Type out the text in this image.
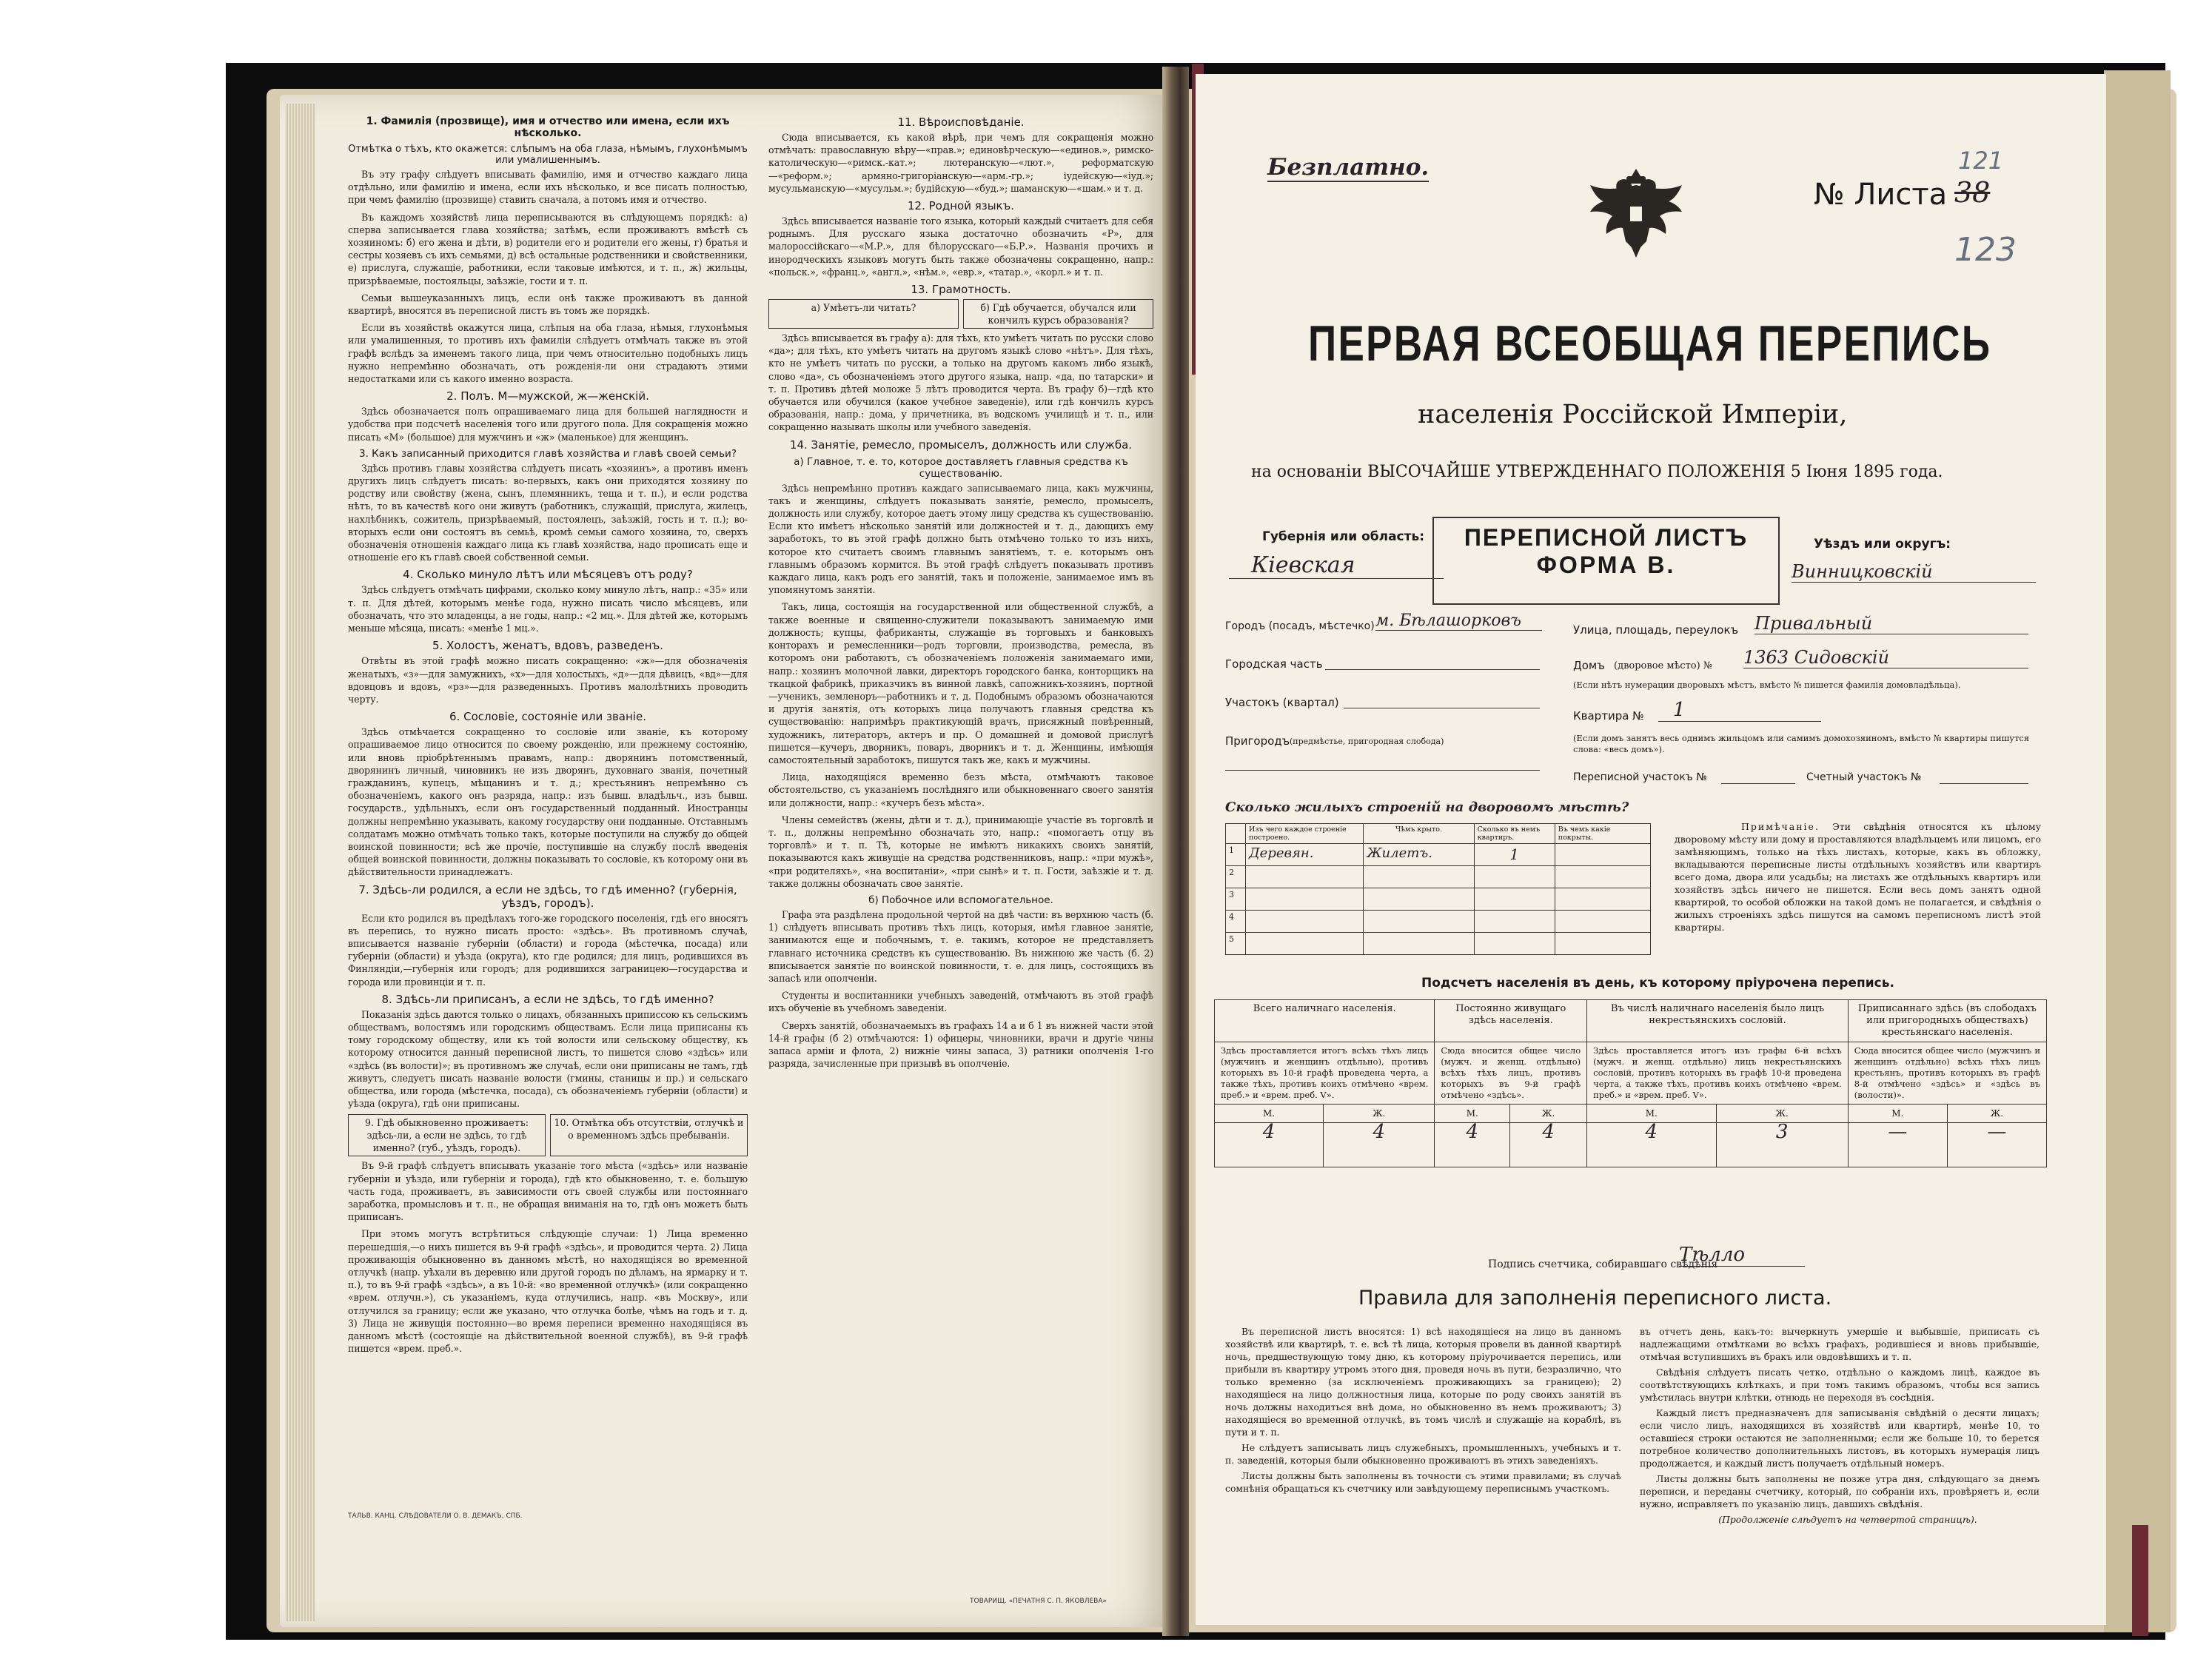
1. Фамилія (прозвище), имя и отчество или имена, если ихъ нѣсколько.
Отмѣтка о тѣхъ, кто окажется: слѣпымъ на оба глаза, нѣмымъ, глухонѣмымъ или умалишеннымъ.

Въ эту графу слѣдуетъ вписывать фамилію, имя и отчество каждаго лица отдѣльно, или фамилію и имена, если ихъ нѣсколько, и все писать полностью, при чемъ фамилію (прозвище) ставить сначала, а потомъ имя и отчество.

Въ каждомъ хозяйствѣ лица переписываются въ слѣдующемъ порядкѣ: а) сперва записывается глава хозяйства; затѣмъ, если проживаютъ вмѣстѣ съ хозяиномъ: б) его жена и дѣти, в) родители его и родители его жены, г) братья и сестры хозяевъ съ ихъ семьями, д) всѣ остальные родственники и свойственники, е) прислуга, служащіе, работники, если таковые имѣются, и т. п., ж) жильцы, призрѣваемые, постояльцы, заѣзжіе, гости и т. п.

Семьи вышеуказанныхъ лицъ, если онѣ также проживаютъ въ данной квартирѣ, вносятся въ переписной листъ въ томъ же порядкѣ.

Если въ хозяйствѣ окажутся лица, слѣпыя на оба глаза, нѣмыя, глухонѣмыя или умалишенныя, то противъ ихъ фамиліи слѣдуетъ отмѣчать также въ этой графѣ вслѣдъ за именемъ такого лица, при чемъ относительно подобныхъ лицъ нужно непремѣнно обозначать, отъ рожденія-ли они страдаютъ этими недостатками или съ какого именно возраста.

2. Полъ. М—мужской, ж—женскій.

Здѣсь обозначается полъ опрашиваемаго лица для большей наглядности и удобства при подсчетѣ населенія того или другого пола. Для сокращенія можно писать «М» (большое) для мужчинъ и «ж» (маленькое) для женщинъ.

3. Какъ записанный приходится главѣ хозяйства и главѣ своей семьи?

Здѣсь противъ главы хозяйства слѣдуетъ писать «хозяинъ», а противъ именъ другихъ лицъ слѣдуетъ писать: во-первыхъ, какъ они приходятся хозяину по родству или свойству (жена, сынъ, племянникъ, теща и т. п.), и если родства нѣтъ, то въ качествѣ кого они живутъ (работникъ, служащій, прислуга, жилецъ, нахлѣбникъ, сожитель, призрѣваемый, постоялецъ, заѣзжій, гость и т. п.); во-вторыхъ если они состоятъ въ семьѣ, кромѣ семьи самого хозяина, то, сверхъ обозначенія отношенія каждаго лица къ главѣ хозяйства, надо прописать еще и отношеніе его къ главѣ своей собственной семьи.

4. Сколько минуло лѣтъ или мѣсяцевъ отъ роду?

Здѣсь слѣдуетъ отмѣчать цифрами, сколько кому минуло лѣтъ, напр.: «35» или т. п. Для дѣтей, которымъ менѣе года, нужно писать число мѣсяцевъ, или обозначать, что это младенцы, а не годы, напр.: «2 мц.». Для дѣтей же, которымъ меньше мѣсяца, писать: «менѣе 1 мц.».

5. Холостъ, женатъ, вдовъ, разведенъ.

Отвѣты въ этой графѣ можно писать сокращенно: «ж»—для обозначенія женатыхъ, «з»—для замужнихъ, «х»—для холостыхъ, «д»—для дѣвицъ, «вд»—для вдовцовъ и вдовъ, «рз»—для разведенныхъ. Противъ малолѣтнихъ проводить черту.

6. Сословіе, состояніе или званіе.

Здѣсь отмѣчается сокращенно то сословіе или званіе, къ которому опрашиваемое лицо относится по своему рожденію, или прежнему состоянію, или вновь пріобрѣтеннымъ правамъ, напр.: дворянинъ потомственный, дворянинъ личный, чиновникъ не изъ дворянъ, духовнаго званія, почетный гражданинъ, купецъ, мѣщанинъ и т. д.; крестьянинъ непремѣнно съ обозначеніемъ, какого онъ разряда, напр.: изъ бывш. владѣльч., изъ бывш. государств., удѣльныхъ, если онъ государственный подданный. Иностранцы должны непремѣнно указывать, какому государству они подданные. Отставнымъ солдатамъ можно отмѣчать только такъ, которые поступили на службу до общей воинской повинности; всѣ же прочіе, поступившіе на службу послѣ введенія общей воинской повинности, должны показывать то сословіе, къ которому они въ дѣйствительности принадлежатъ.

7. Здѣсь-ли родился, а если не здѣсь, то гдѣ именно? (губернія, уѣздъ, городъ).

Если кто родился въ предѣлахъ того-же городского поселенія, гдѣ его вносятъ въ перепись, то нужно писать просто: «здѣсь». Въ противномъ случаѣ, вписывается названіе губерніи (области) и города (мѣстечка, посада) или губерніи (области) и уѣзда (округа), кто где родился; для лицъ, родившихся въ Финляндіи,—губернія или городъ; для родившихся заграницею—государства и города или провинціи и т. п.

8. Здѣсь-ли приписанъ, а если не здѣсь, то гдѣ именно?

Показанія здѣсь даются только о лицахъ, обязанныхъ приписсою къ сельскимъ обществамъ, волостямъ или городскимъ обществамъ. Если лица приписаны къ тому городскому обществу, или къ той волости или сельскому обществу, къ которому относится данный переписной листъ, то пишется слово «здѣсь» или «здѣсь (въ волости)»; въ противномъ же случаѣ, если они приписаны не тамъ, гдѣ живутъ, следуетъ писать названіе волости (гмины, станицы и пр.) и сельскаго общества, или города (мѣстечка, посада), съ обозначеніемъ губерніи (области) и уѣзда (округа), гдѣ они приписаны.

9. Гдѣ обыкновенно проживаетъ: здѣсь-ли, а если не здѣсь, то гдѣ именно? (губ., уѣздъ, городъ).
10. Отмѣтка объ отсутствіи, отлучкѣ и о временномъ здѣсь пребываніи.

Въ 9-й графѣ слѣдуетъ вписывать указаніе того мѣста («здѣсь» или названіе губерніи и уѣзда, или губерніи и города), гдѣ кто обыкновенно, т. е. большую часть года, проживаетъ, въ зависимости отъ своей службы или постояннаго заработка, промысловъ и т. п., не обращая вниманія на то, гдѣ онъ можетъ быть приписанъ.

При этомъ могутъ встрѣтиться слѣдующіе случаи: 1) Лица временно перешедшія,—о нихъ пишется въ 9-й графѣ «здѣсь», и проводится черта. 2) Лица проживающія обыкновенно въ данномъ мѣстѣ, но находящіяся во временной отлучкѣ (напр. уѣхали въ деревню или другой городъ по дѣламъ, на ярмарку и т. п.), то въ 9-й графѣ «здѣсь», а въ 10-й: «во временной отлучкѣ» (или сокращенно «врем. отлучн.»), съ указаніемъ, куда отлучились, напр. «въ Москву», или отлучился за границу; если же указано, что отлучка болѣе, чѣмъ на годъ и т. д. 3) Лица не живущія постоянно—во время переписи временно находящіяся въ данномъ мѣстѣ (состоящіе на дѣйствительной военной службѣ), въ 9-й графѣ пишется «врем. преб.».

ТАЛЬВ. КАНЦ. СЛѢДОВАТЕЛИ О. В. ДЕМАКЪ, СПБ.
11. Вѣроисповѣданіе.

Сюда вписывается, къ какой вѣрѣ, при чемъ для сокращенія можно отмѣчать: православную вѣру—«прав.»; единовѣрческую—«единов.», римско-католическую—«римск.-кат.»; лютеранскую—«лют.», реформатскую—«реформ.»; армяно-григоріанскую—«арм.-гр.»; іудейскую—«іуд.»; мусульманскую—«мусульм.»; будійскую—«буд.»; шаманскую—«шам.» и т. д.

12. Родной языкъ.

Здѣсь вписывается названіе того языка, который каждый считаетъ для себя роднымъ. Для русскаго языка достаточно обозначить «Р», для малороссійскаго—«М.Р.», для бѣлорусскаго—«Б.Р.». Названія прочихъ и инородческихъ языковъ могутъ быть также обозначены сокращенно, напр.: «польск.», «франц.», «англ.», «нѣм.», «евр.», «татар.», «корл.» и т. п.

13. Грамотность.
а) Умѣетъ-ли читать?	б) Гдѣ обучается, обучался или кончилъ курсъ образованія?

Здѣсь вписывается въ графу а): для тѣхъ, кто умѣетъ читать по русски слово «да»; для тѣхъ, кто умѣетъ читать на другомъ языкѣ слово «нѣтъ». Для тѣхъ, кто не умѣетъ читать по русски, а только на другомъ какомъ либо языкѣ, слово «да», съ обозначеніемъ этого другого языка, напр. «да, по татарски» и т. п. Противъ дѣтей моложе 5 лѣтъ проводится черта. Въ графу б)—гдѣ кто обучается или обучился (какое учебное заведеніе), или гдѣ кончилъ курсъ образованія, напр.: дома, у причетника, въ водскомъ училищѣ и т. п., или сокращенно называть школы или учебного заведенія.

14. Занятіе, ремесло, промыселъ, должность или служба.
а) Главное, т. е. то, которое доставляетъ главныя средства къ существованію.

Здѣсь непремѣнно противъ каждаго записываемаго лица, какъ мужчины, такъ и женщины, слѣдуетъ показывать занятіе, ремесло, промыселъ, должность или службу, которое даетъ этому лицу средства къ существованію. Если кто имѣетъ нѣсколько занятій или должностей и т. д., дающихъ ему заработокъ, то въ этой графѣ должно быть отмѣчено только то изъ нихъ, которое кто считаетъ своимъ главнымъ занятіемъ, т. е. которымъ онъ главнымъ образомъ кормится. Въ этой графѣ слѣдуетъ показывать противъ каждаго лица, какъ родъ его занятій, такъ и положеніе, занимаемое имъ въ упомянутомъ занятіи.

Такъ, лица, состоящія на государственной или общественной службѣ, а также военные и священно-служители показываютъ занимаемую ими должность; купцы, фабриканты, служащіе въ торговыхъ и банковыхъ конторахъ и ремесленники—родъ торговли, производства, ремесла, въ которомъ они работаютъ, съ обозначеніемъ положенія занимаемаго ими, напр.: хозяинъ молочной лавки, директоръ городского банка, конторщикъ на ткацкой фабрикѣ, приказчикъ въ винной лавкѣ, сапожникъ-хозяинъ, портной—ученикъ, земленоръ—работникъ и т. д. Подобнымъ образомъ обозначаются и другія занятія, отъ которыхъ лица получаютъ главныя средства къ существованію: напримѣръ практикующій врачъ, присяжный повѣренный, художникъ, литераторъ, актеръ и пр. О домашней и домовой прислугѣ пишется—кучеръ, дворникъ, поваръ, дворникъ и т. д. Женщины, имѣющія самостоятельный заработокъ, пишутся такъ же, какъ и мужчины.

Лица, находящіяся временно безъ мѣста, отмѣчаютъ таковое обстоятельство, съ указаніемъ послѣдняго или обыкновеннаго своего занятія или должности, напр.: «кучеръ безъ мѣста».

Члены семействъ (жены, дѣти и т. д.), принимающіе участіе въ торговлѣ и т. п., должны непремѣнно обозначать это, напр.: «помогаетъ отцу въ торговлѣ» и т. п. Тѣ, которые не имѣютъ никакихъ своихъ занятій, показываются какъ живущіе на средства родственниковъ, напр.: «при мужѣ», «при родителяхъ», «на воспитаніи», «при сынѣ» и т. п. Гости, заѣзжіе и т. д. также должны обозначать свое занятіе.

б) Побочное или вспомогательное.

Графа эта раздѣлена продольной чертой на двѣ части: въ верхнюю часть (б. 1) слѣдуетъ вписывать противъ тѣхъ лицъ, которыя, имѣя главное занятіе, занимаются еще и побочнымъ, т. е. такимъ, которое не представляетъ главнаго источника средствъ къ существованію. Въ нижнюю же часть (б. 2) вписывается занятіе по воинской повинности, т. е. для лицъ, состоящихъ въ запасѣ или ополченіи.

Студенты и воспитанники учебныхъ заведеній, отмѣчаютъ въ этой графѣ ихъ обученіе въ учебномъ заведеніи.

Сверхъ занятій, обозначаемыхъ въ графахъ 14 а и б 1 въ нижней части этой 14-й графы (б 2) отмѣчаются: 1) офицеры, чиновники, врачи и другіе чины запаса арміи и флота, 2) нижніе чины запаса, 3) ратники ополченія 1-го разряда, зачисленные при призывѣ въ ополченіе.

ТОВАРИЩ. «ПЕЧАТНЯ С. П. ЯКОВЛЕВА»
Безплатно.
№ Листа 38
121
123
ПЕРВАЯ ВСЕОБЩАЯ ПЕРЕПИСЬ
населенія Россійской Имперіи,
на основаніи ВЫСОЧАЙШЕ УТВЕРЖДЕННАГО ПОЛОЖЕНІЯ 5 Іюня 1895 года.
Губернія или область:
Кіевская
ПЕРЕПИСНОЙ ЛИСТЪ
ФОРМА В.
Уѣздъ или округъ:
Винницковскій
Городъ (посадъ, мѣстечко) м. Бѣлашорковъ
Городская часть
Участокъ (квартал)
Пригородъ (предмѣстье, пригородная слобода)
Улица, площадь, переулокъ Привальный
Домъ (дворовое мѣсто) № 1363 Сидовскій
(Если нѣтъ нумерации дворовыхъ мѣстъ, вмѣсто № пишется фамилія домовладѣльца).
Квартира №	1
(Если домъ занятъ весь однимъ жильцомъ или самимъ домохозяиномъ, вмѣсто № квартиры пишутся слова: «весь домъ»).
Переписной участокъ №	Счетный участокъ №
Сколько жилыхъ строеній на дворовомъ мѣстѣ?
	Изъ чего каждое строеніе построено.	Чѣмъ крыто.	Сколько въ немъ квартиръ.	Въ чемъ какіе покрыты.
1	Деревян.	Жилетъ.	1	
2				
3				
4				
5				

Примѣчаніе. Эти свѣдѣнія относятся къ цѣлому дворовому мѣсту или дому и проставляются владѣльцемъ или лицомъ, его замѣняющимъ, только на тѣхъ листахъ, которые, какъ въ обложку, вкладываются переписные листы отдѣльныхъ хозяйствъ или квартиръ всего дома, двора или усадьбы; на листахъ же отдѣльныхъ квартиръ или хозяйствъ здѣсь ничего не пишется. Если весь домъ занятъ одной квартирой, то особой обложки на такой домъ не полагается, и свѣдѣнія о жилыхъ строеніяхъ здѣсь пишутся на самомъ переписномъ листѣ этой квартиры.

Подсчетъ населенія въ день, къ которому пріурочена перепись.
Всего наличнаго населенія.		Постоянно живущаго здѣсь населенія.		Въ числѣ наличнаго населенія было лицъ некрестьянскихъ сословій.		Приписаннаго здѣсь (въ слободахъ или пригородныхъ обществахъ) крестьянскаго населенія.	
Здѣсь проставляется итогъ всѣхъ тѣхъ лицъ (мужчинъ и женщинъ отдѣльно), противъ которыхъ въ 10-й графѣ проведена черта, а также тѣхъ, противъ коихъ отмѣчено «врем. преб.» и «врем. преб. V».		Сюда вносится общее число (мужч. и женщ. отдѣльно) всѣхъ тѣхъ лицъ, противъ которыхъ въ 9-й графѣ отмѣчено «здѣсь».		Здѣсь проставляется итогъ изъ графы 6-й всѣхъ (мужч. и женщ. отдѣльно) лицъ некрестьянскихъ сословій, противъ которыхъ въ графѣ 10-й проведена черта, а также тѣхъ, противъ коихъ отмѣчено «врем. преб.» и «врем. преб. V».		Сюда вносится общее число (мужчинъ и женщинъ отдѣльно) всѣхъ тѣхъ лицъ крестьянъ, противъ которыхъ въ графѣ 8-й отмѣчено «здѣсь» и «здѣсь въ (волости)».	
М.	Ж.	М.	Ж.	М.	Ж.	М.	Ж.
4	4	4	4	4	3	—	—
Подпись счетчика, собиравшаго свѣдѣнія
Тѣлло
Правила для заполненія переписного листа.

Въ переписной листъ вносятся: 1) всѣ находящіеся на лицо въ данномъ хозяйствѣ или квартирѣ, т. е. всѣ тѣ лица, которыя провели въ данной квартирѣ ночь, предшествующую тому дню, къ которому пріурочивается перепись, или прибыли въ квартиру утромъ этого дня, проведя ночь въ пути, безразлично, что только временно (за исключеніемъ проживающихъ за границею); 2) находящіеся на лицо должностныя лица, которые по роду своихъ занятій въ ночь должны находиться внѣ дома, но обыкновенно въ немъ проживаютъ; 3) находящіеся во временной отлучкѣ, въ томъ числѣ и служащіе на кораблѣ, въ пути и т. п.

Не слѣдуетъ записывать лицъ служебныхъ, промышленныхъ, учебныхъ и т. п. заведеній, которыя были обыкновенно проживаютъ въ этихъ заведеніяхъ.

Листы должны быть заполнены въ точности съ этими правилами; въ случаѣ сомнѣнія обращаться къ счетчику или завѣдующему переписнымъ участкомъ.

въ отчетъ день, какъ-то: вычеркнуть умершіе и выбывшіе, приписать съ надлежащими отмѣтками во всѣхъ графахъ, родившіеся и вновь прибывшіе, отмѣчая вступившихъ въ бракъ или овдовѣвшихъ и т. п.

Свѣдѣнія слѣдуетъ писать четко, отдѣльно о каждомъ лицѣ, каждое въ соотвѣтствующихъ клѣткахъ, и при томъ такимъ образомъ, чтобы вся запись умѣстилась внутри клѣтки, отнюдь не переходя въ сосѣднія.

Каждый листъ предназначенъ для записыванія свѣдѣній о десяти лицахъ; если число лицъ, находящихся въ хозяйствѣ или квартирѣ, менѣе 10, то оставшіеся строки остаются не заполненными; если же больше 10, то берется потребное количество дополнительныхъ листовъ, въ которыхъ нумерація лицъ продолжается, и каждый листъ получаетъ отдѣльный номеръ.

Листы должны быть заполнены не позже утра дня, слѣдующаго за днемъ переписи, и переданы счетчику, который, по собраніи ихъ, провѣряетъ и, если нужно, исправляетъ по указанію лицъ, давшихъ свѣдѣнія.

(Продолженіе слѣдуетъ на четвертой страницѣ).
